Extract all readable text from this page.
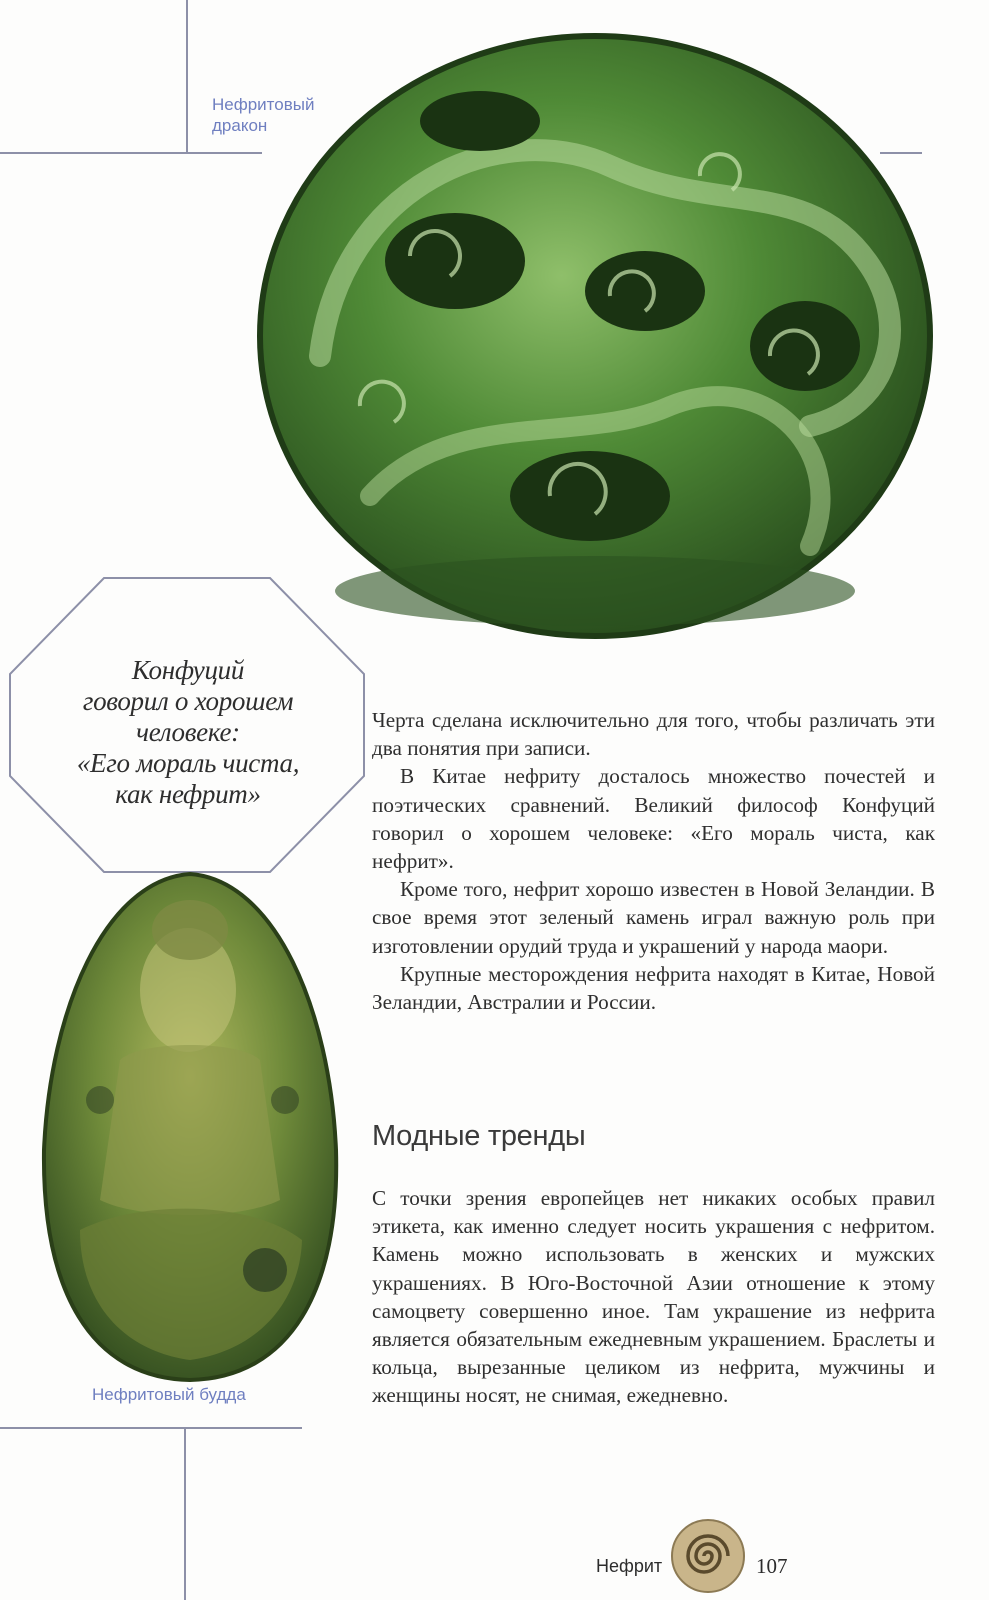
Нефритовый
дракон
Конфуций
говорил о хорошем
человеке:
«Его мораль чиста,
как нефрит»
Нефритовый будда

Черта сделана исключительно для того, чтобы различать эти два понятия при записи.

В Китае нефриту досталось множество почестей и поэтических сравнений. Великий философ Конфуций говорил о хорошем человеке: «Его мораль чиста, как нефрит».

Кроме того, нефрит хорошо известен в Новой Зеландии. В свое время этот зеленый камень играл важную роль при изготовлении орудий труда и украшений у народа маори.

Крупные месторождения нефрита находят в Китае, Новой Зеландии, Австралии и России.

Модные тренды

С точки зрения европейцев нет никаких особых правил этикета, как именно следует носить украшения с нефритом. Камень можно использовать в женских и мужских украшениях. В Юго-Восточной Азии отношение к этому самоцвету совершенно иное. Там украшение из нефрита является обязательным ежедневным украшением. Браслеты и кольца, вырезанные целиком из нефрита, мужчины и женщины носят, не снимая, ежедневно.

Нефрит	107
